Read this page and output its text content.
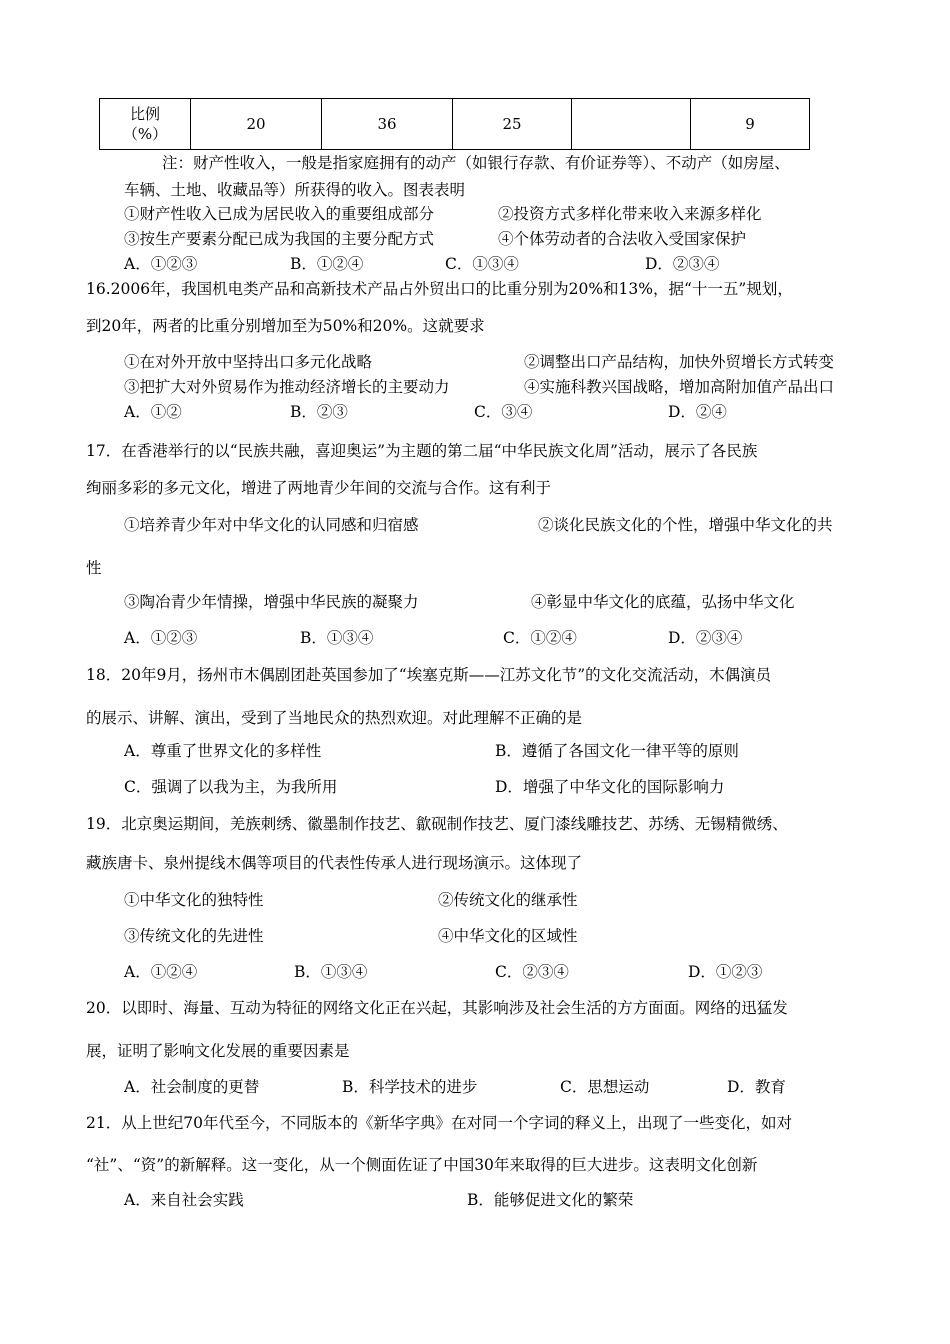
比例
（%）
	20	36	25		9
注：财产性收入，一般是指家庭拥有的动产（如银行存款、有价证券等）、不动产（如房屋、
车辆、土地、收藏品等）所获得的收入。图表表明
①财产性收入已成为居民收入的重要组成部分	②投资方式多样化带来收入来源多样化
③按生产要素分配已成为我国的主要分配方式	④个体劳动者的合法收入受国家保护
A．①②③	B．①②④	C．①③④	D．②③④
16.2006年，我国机电类产品和高新技术产品占外贸出口的比重分别为20%和13%，据“十一五”规划，
到20年，两者的比重分别增加至为50%和20%。这就要求
①在对外开放中坚持出口多元化战略	②调整出口产品结构，加快外贸增长方式转变
③把扩大对外贸易作为推动经济增长的主要动力	④实施科教兴国战略，增加高附加值产品出口
A．①②	B．②③	C．③④	D．②④
17．在香港举行的以“民族共融，喜迎奥运”为主题的第二届“中华民族文化周”活动，展示了各民族
绚丽多彩的多元文化，增进了两地青少年间的交流与合作。这有利于
①培养青少年对中华文化的认同感和归宿感	②谈化民族文化的个性，增强中华文化的共
性
③陶冶青少年情操，增强中华民族的凝聚力	④彰显中华文化的底蕴，弘扬中华文化
A．①②③	B．①③④	C．①②④	D．②③④
18．20年9月，扬州市木偶剧团赴英国参加了“埃塞克斯——江苏文化节”的文化交流活动，木偶演员
的展示、讲解、演出，受到了当地民众的热烈欢迎。对此理解不正确的是
A．尊重了世界文化的多样性	B．遵循了各国文化一律平等的原则
C．强调了以我为主，为我所用	D．增强了中华文化的国际影响力
19．北京奥运期间，羌族刺绣、徽墨制作技艺、歙砚制作技艺、厦门漆线雕技艺、苏绣、无锡精微绣、
藏族唐卡、泉州提线木偶等项目的代表性传承人进行现场演示。这体现了
①中华文化的独特性	②传统文化的继承性
③传统文化的先进性	④中华文化的区域性
A．①②④	B．①③④	C．②③④	D．①②③
20．以即时、海量、互动为特征的网络文化正在兴起，其影响涉及社会生活的方方面面。网络的迅猛发
展，证明了影响文化发展的重要因素是
A．社会制度的更替	B．科学技术的进步	C．思想运动	D．教育
21．从上世纪70年代至今，不同版本的《新华字典》在对同一个字词的释义上，出现了一些变化，如对
“社”、“资”的新解释。这一变化，从一个侧面佐证了中国30年来取得的巨大进步。这表明文化创新
A．来自社会实践	B．能够促进文化的繁荣
